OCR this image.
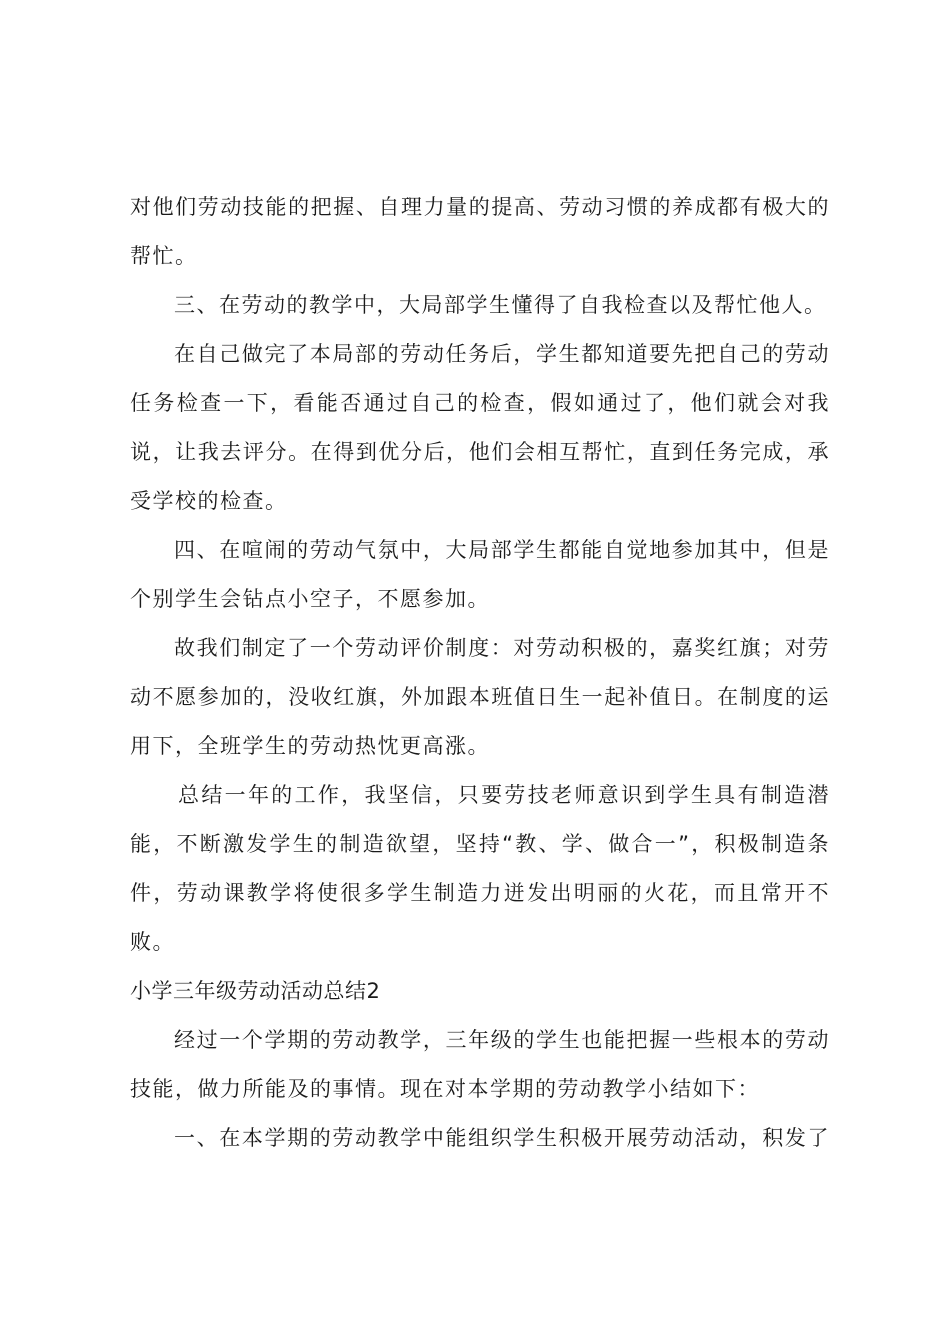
对他们劳动技能的把握、自理力量的提高、劳动习惯的养成都有极大的
帮忙。
三、在劳动的教学中，大局部学生懂得了自我检查以及帮忙他人。
在自己做完了本局部的劳动任务后，学生都知道要先把自己的劳动
任务检查一下，看能否通过自己的检查，假如通过了，他们就会对我
说，让我去评分。在得到优分后，他们会相互帮忙，直到任务完成，承
受学校的检查。
四、在喧闹的劳动气氛中，大局部学生都能自觉地参加其中，但是
个别学生会钻点小空子，不愿参加。
故我们制定了一个劳动评价制度：对劳动积极的，嘉奖红旗；对劳
动不愿参加的，没收红旗，外加跟本班值日生一起补值日。在制度的运
用下，全班学生的劳动热忱更高涨。
总结一年的工作，我坚信，只要劳技老师意识到学生具有制造潜
能，不断激发学生的制造欲望，坚持“教、学、做合一”，积极制造条
件，劳动课教学将使很多学生制造力迸发出明丽的火花，而且常开不
败。
小学三年级劳动活动总结2
经过一个学期的劳动教学，三年级的学生也能把握一些根本的劳动
技能，做力所能及的事情。现在对本学期的劳动教学小结如下：
一、在本学期的劳动教学中能组织学生积极开展劳动活动，积发了
